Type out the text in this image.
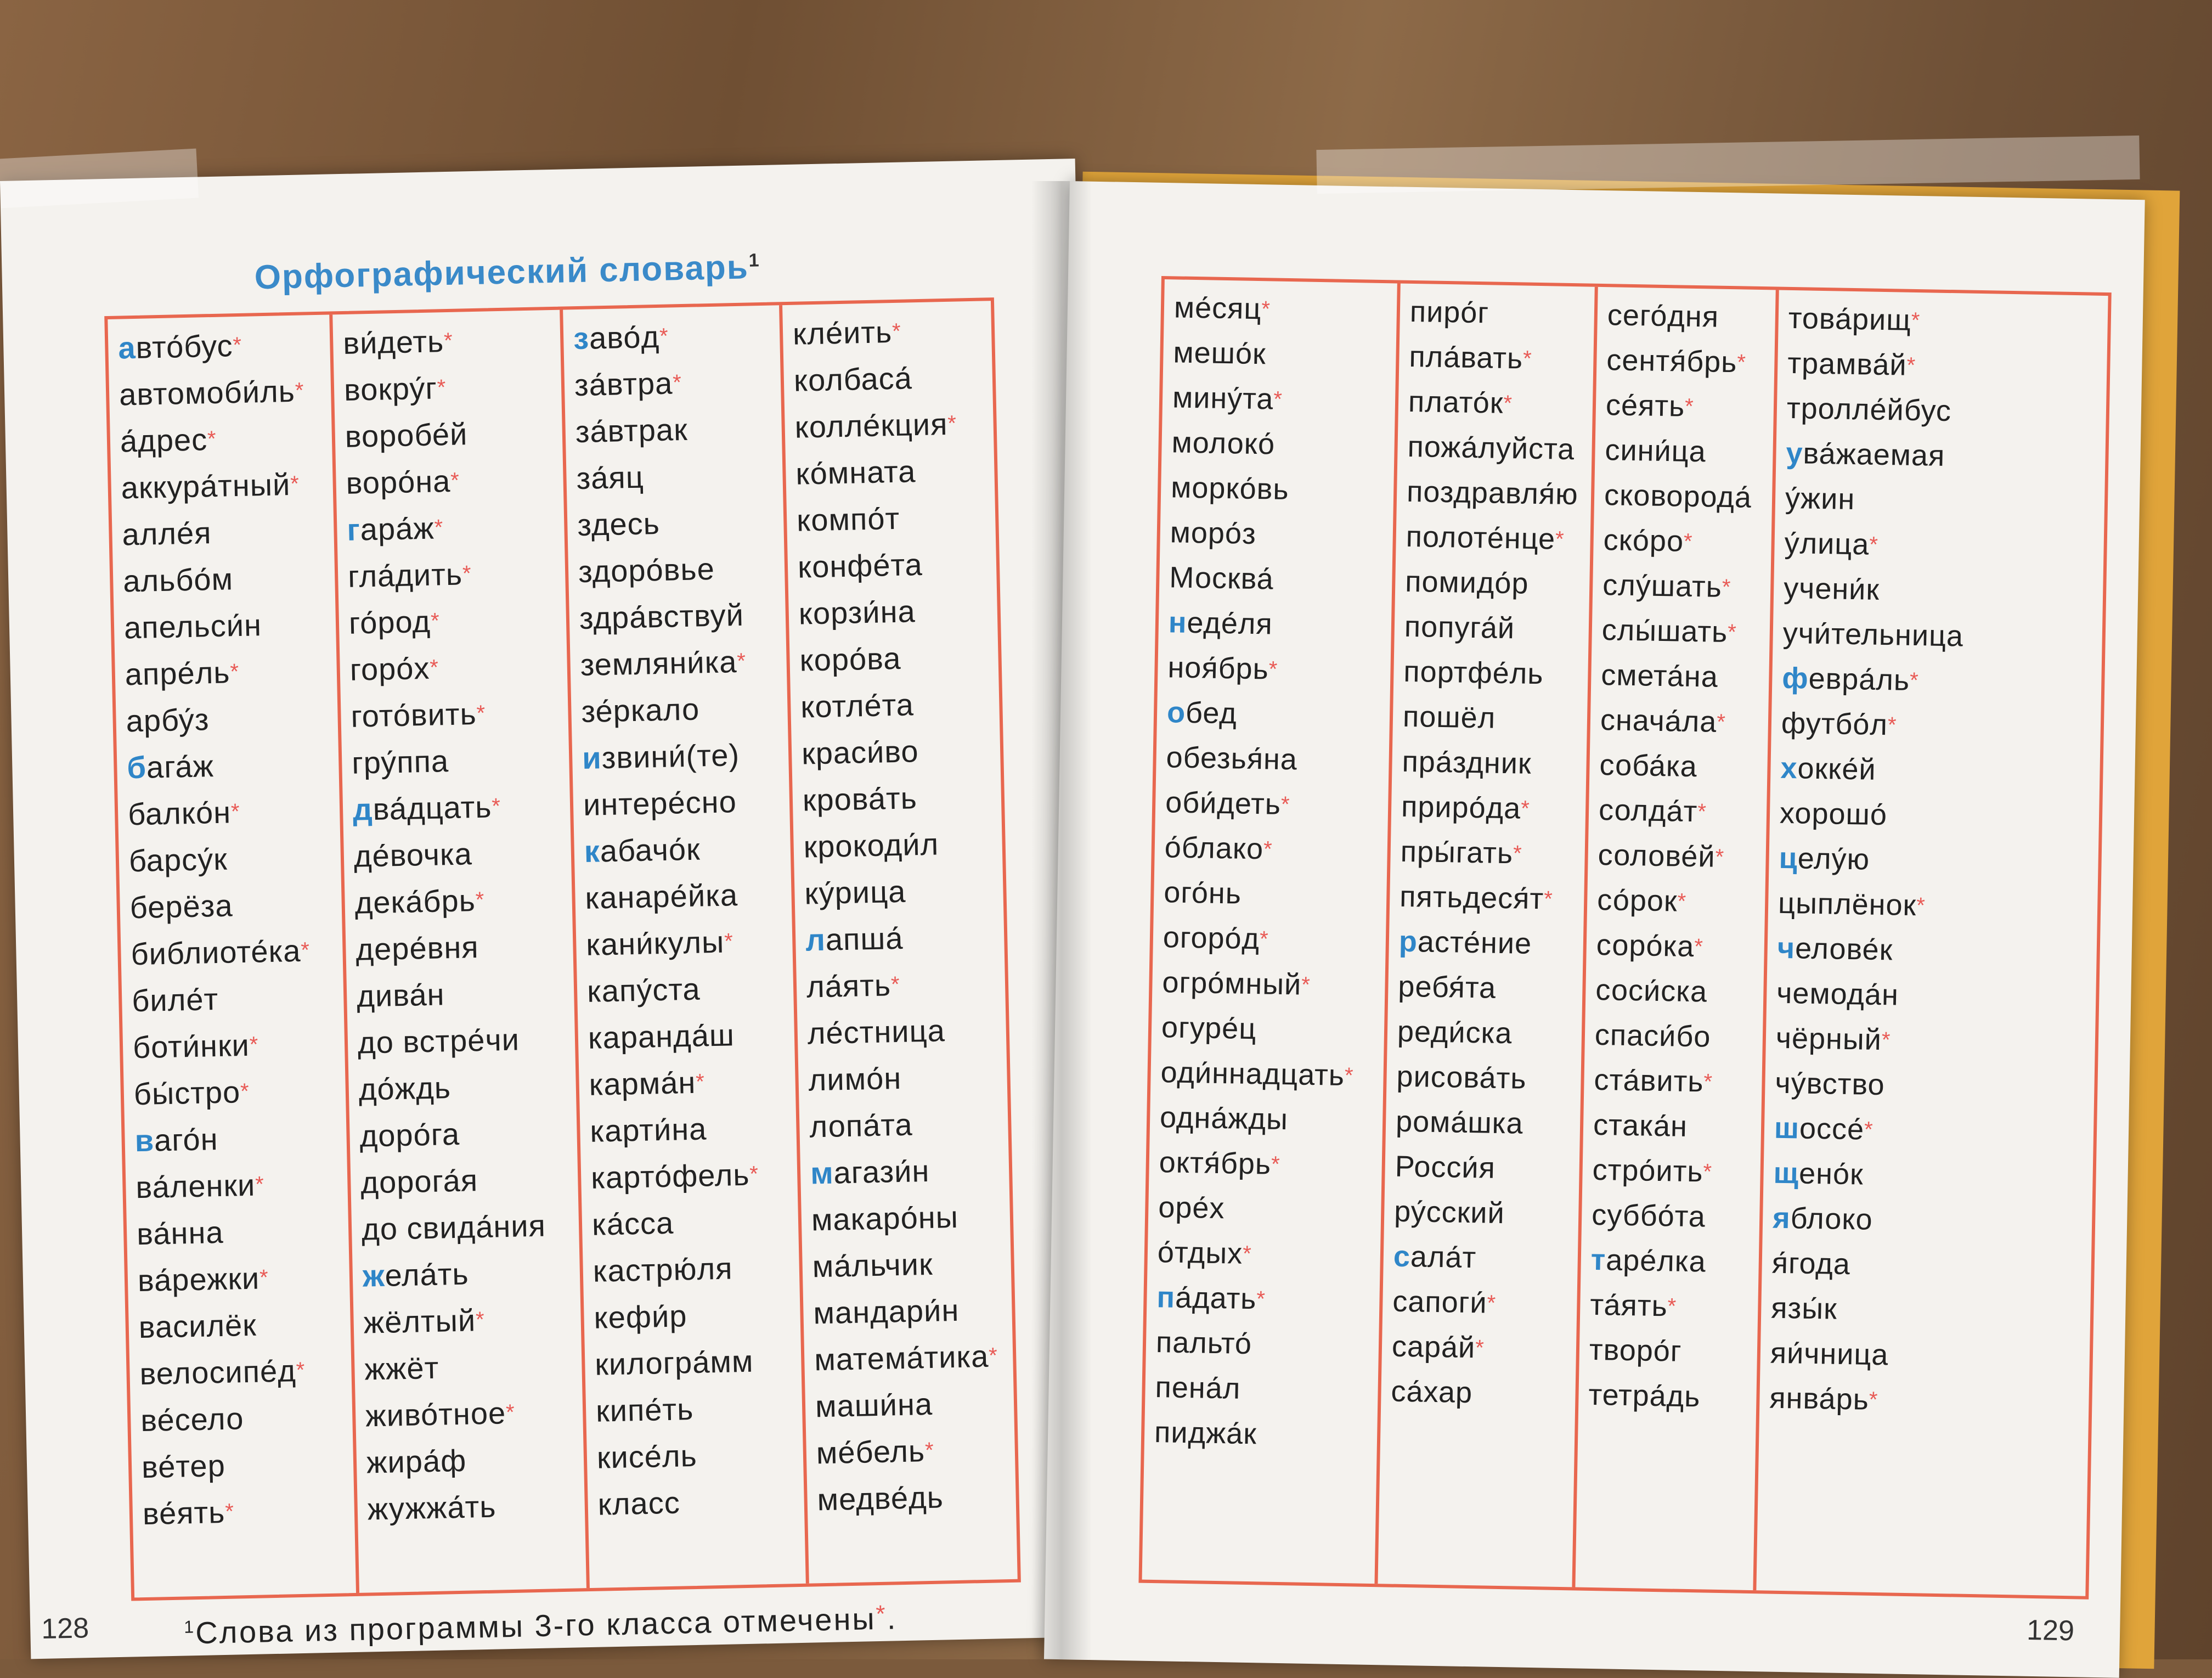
Орфографический словарь$^1$
авто́бус*
автомоби́ль*
а́дрес*
аккура́тный*
алле́я
альбо́м
апельси́н
апре́ль*
арбу́з
бага́ж
балко́н*
барсу́к
берёза
библиоте́ка*
биле́т
боти́нки*
бы́стро*
ваго́н
ва́ленки*
ва́нна
ва́режки*
василёк
велосипе́д*
ве́село
ве́тер
ве́ять*
ви́деть*
вокру́г*
воробе́й
воро́на*
гара́ж*
гла́дить*
го́род*
горо́х*
гото́вить*
гру́ппа
два́дцать*
де́вочка
дека́брь*
дере́вня
дива́н
до встре́чи
до́ждь
доро́га
дорога́я
до свида́ния
жела́ть
жёлтый*
жжёт
живо́тное*
жира́ф
жужжа́ть
заво́д*
за́втра*
за́втрак
за́яц
здесь
здоро́вье
здра́вствуй
земляни́ка*
зе́ркало
извини́(те)
интере́сно
кабачо́к
канаре́йка
кани́кулы*
капу́ста
каранда́ш
карма́н*
карти́на
карто́фель*
ка́сса
кастрю́ля
кефи́р
килогра́мм
кипе́ть
кисе́ль
класс
кле́ить*
колбаса́
колле́кция*
ко́мната
компо́т
конфе́та
корзи́на
коро́ва
котле́та
краси́во
крова́ть
крокоди́л
ку́рица
лапша́
ла́ять*
ле́стница
лимо́н
лопа́та
магази́н
макаро́ны
ма́льчик
мандари́н
матема́тика*
маши́на
ме́бель*
медве́дь
128	$^1$Слова из программы 3-го класса отмечены*.
ме́сяц*
мешо́к
мину́та*
молоко́
морко́вь
моро́з
Москва́
неде́ля
ноя́брь*
обед
обезья́на
оби́деть*
о́блако*
ого́нь
огоро́д*
огро́мный*
огуре́ц
оди́ннадцать*
одна́жды
октя́брь*
оре́х
о́тдых*
па́дать*
пальто́
пена́л
пиджа́к
пиро́г
пла́вать*
плато́к*
пожа́луйста
поздравля́ю
полоте́нце*
помидо́р
попуга́й
портфе́ль
пошёл
пра́здник
приро́да*
пры́гать*
пятьдеся́т*
расте́ние
ребя́та
реди́ска
рисова́ть
рома́шка
Росси́я
ру́сский
сала́т
сапоги́*
сара́й*
са́хар
сего́дня
сентя́брь*
се́ять*
сини́ца
сковорода́
ско́ро*
слу́шать*
слы́шать*
смета́на
снача́ла*
соба́ка
солда́т*
солове́й*
со́рок*
соро́ка*
соси́ска
спаси́бо
ста́вить*
стака́н
стро́ить*
суббо́та
таре́лка
та́ять*
творо́г
тетра́дь
това́рищ*
трамва́й*
тролле́йбус
ува́жаемая
у́жин
у́лица*
учени́к
учи́тельница
февра́ль*
футбо́л*
хокке́й
хорошо́
целу́ю
цыплёнок*
челове́к
чемода́н
чёрный*
чу́вство
шоссе́*
щено́к
яблоко
я́года
язы́к
яи́чница
янва́рь*
129
